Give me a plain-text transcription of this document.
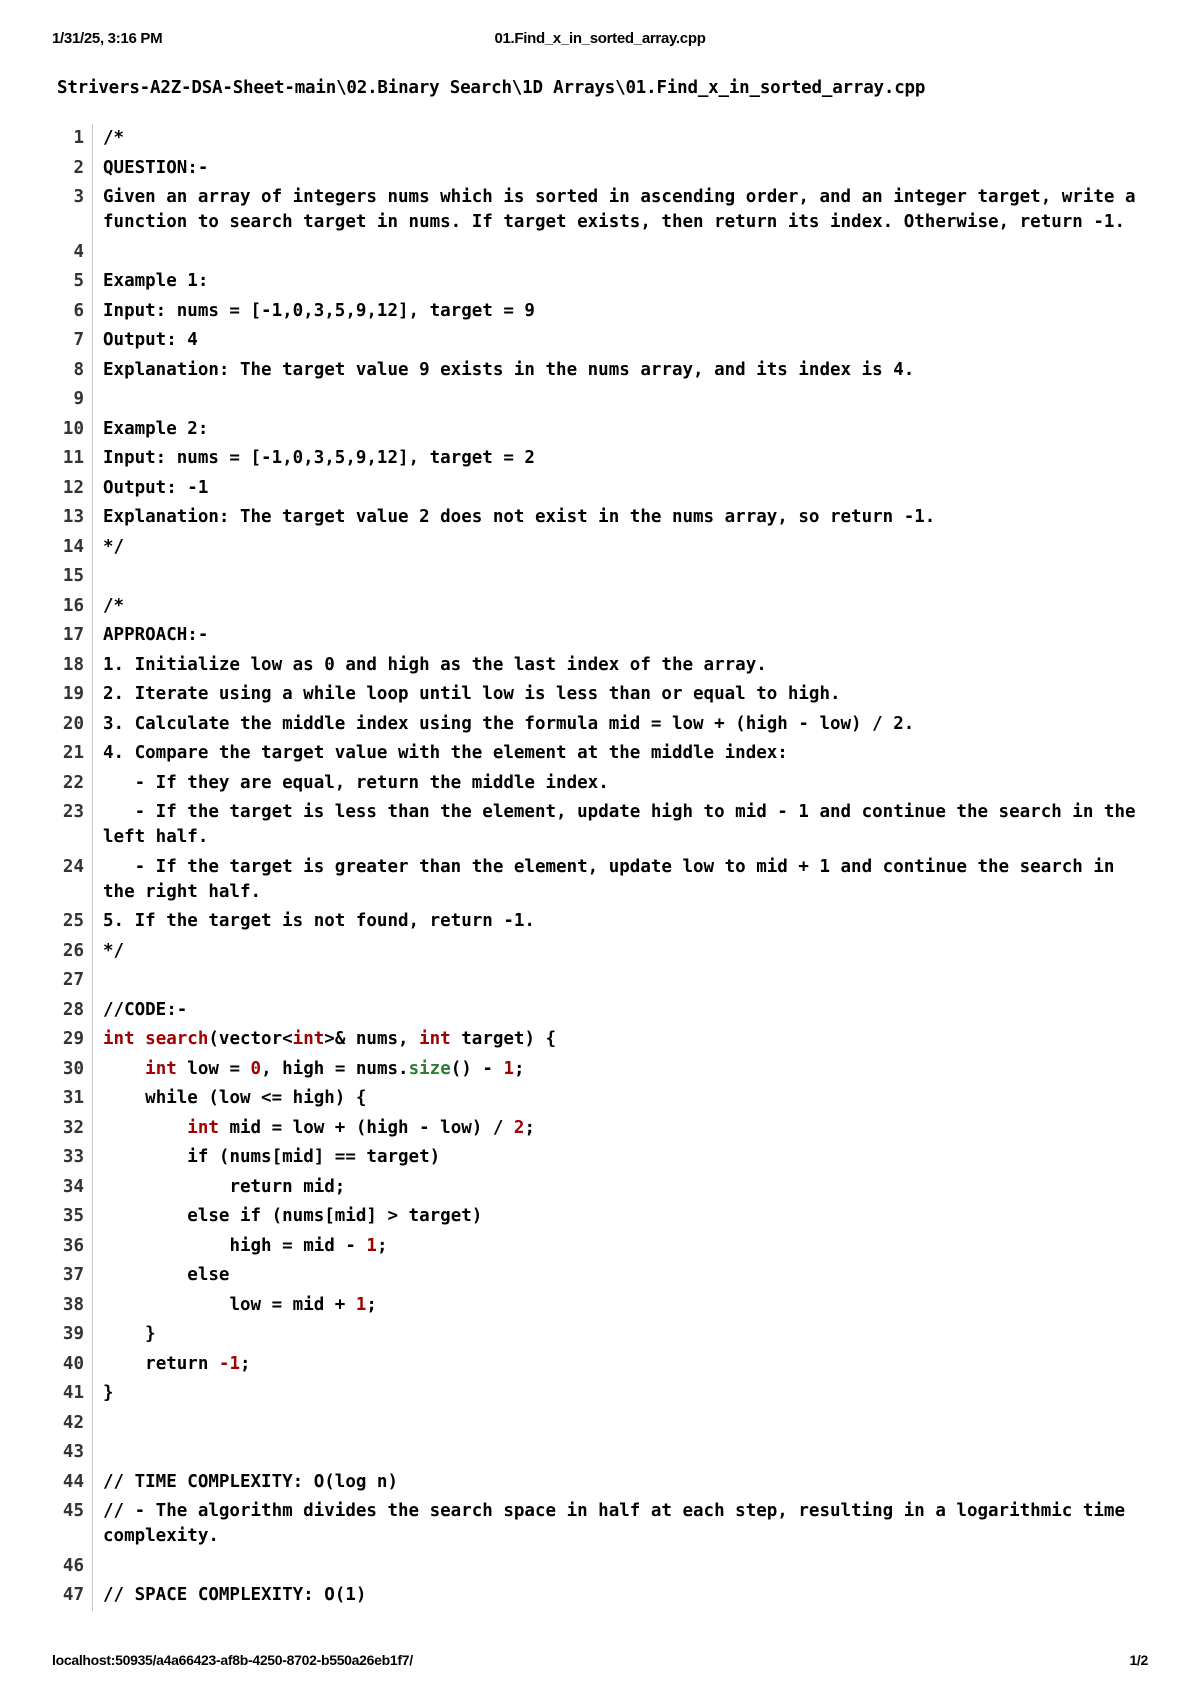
1/31/25, 3:16 PM	01.Find_x_in_sorted_array.cpp
Strivers-A2Z-DSA-Sheet-main\02.Binary Search\1D Arrays\01.Find_x_in_sorted_array.cpp
1	/*
2	QUESTION:-
3	Given an array of integers nums which is sorted in ascending order, and an integer target, write a function to search target in nums. If target exists, then return its index. Otherwise, return -1.
4

5	Example 1:
6	Input: nums = [-1,0,3,5,9,12], target = 9
7	Output: 4
8	Explanation: The target value 9 exists in the nums array, and its index is 4.
9

10	Example 2:
11	Input: nums = [-1,0,3,5,9,12], target = 2
12	Output: -1
13	Explanation: The target value 2 does not exist in the nums array, so return -1.
14	*/
15

16	/*
17	APPROACH:-
18	1. Initialize low as 0 and high as the last index of the array.
19	2. Iterate using a while loop until low is less than or equal to high.
20	3. Calculate the middle index using the formula mid = low + (high - low) / 2.
21	4. Compare the target value with the element at the middle index:
22	- If they are equal, return the middle index.
23	- If the target is less than the element, update high to mid - 1 and continue the search in the left half.
24	- If the target is greater than the element, update low to mid + 1 and continue the search in the right half.
25	5. If the target is not found, return -1.
26	*/
27

28	//CODE:-
29	int search(vector<int>& nums, int target) {
30	int low = 0, high = nums.size() - 1;
31	while (low <= high) {
32	int mid = low + (high - low) / 2;
33	if (nums[mid] == target)
34	return mid;
35	else if (nums[mid] > target)
36	high = mid - 1;
37	else
38	low = mid + 1;
39	}
40	return -1;
41	}
42

43

44	// TIME COMPLEXITY: O(log n)
45	// - The algorithm divides the search space in half at each step, resulting in a logarithmic time complexity.
46

47	// SPACE COMPLEXITY: O(1)
localhost:50935/a4a66423-af8b-4250-8702-b550a26eb1f7/	1/2
